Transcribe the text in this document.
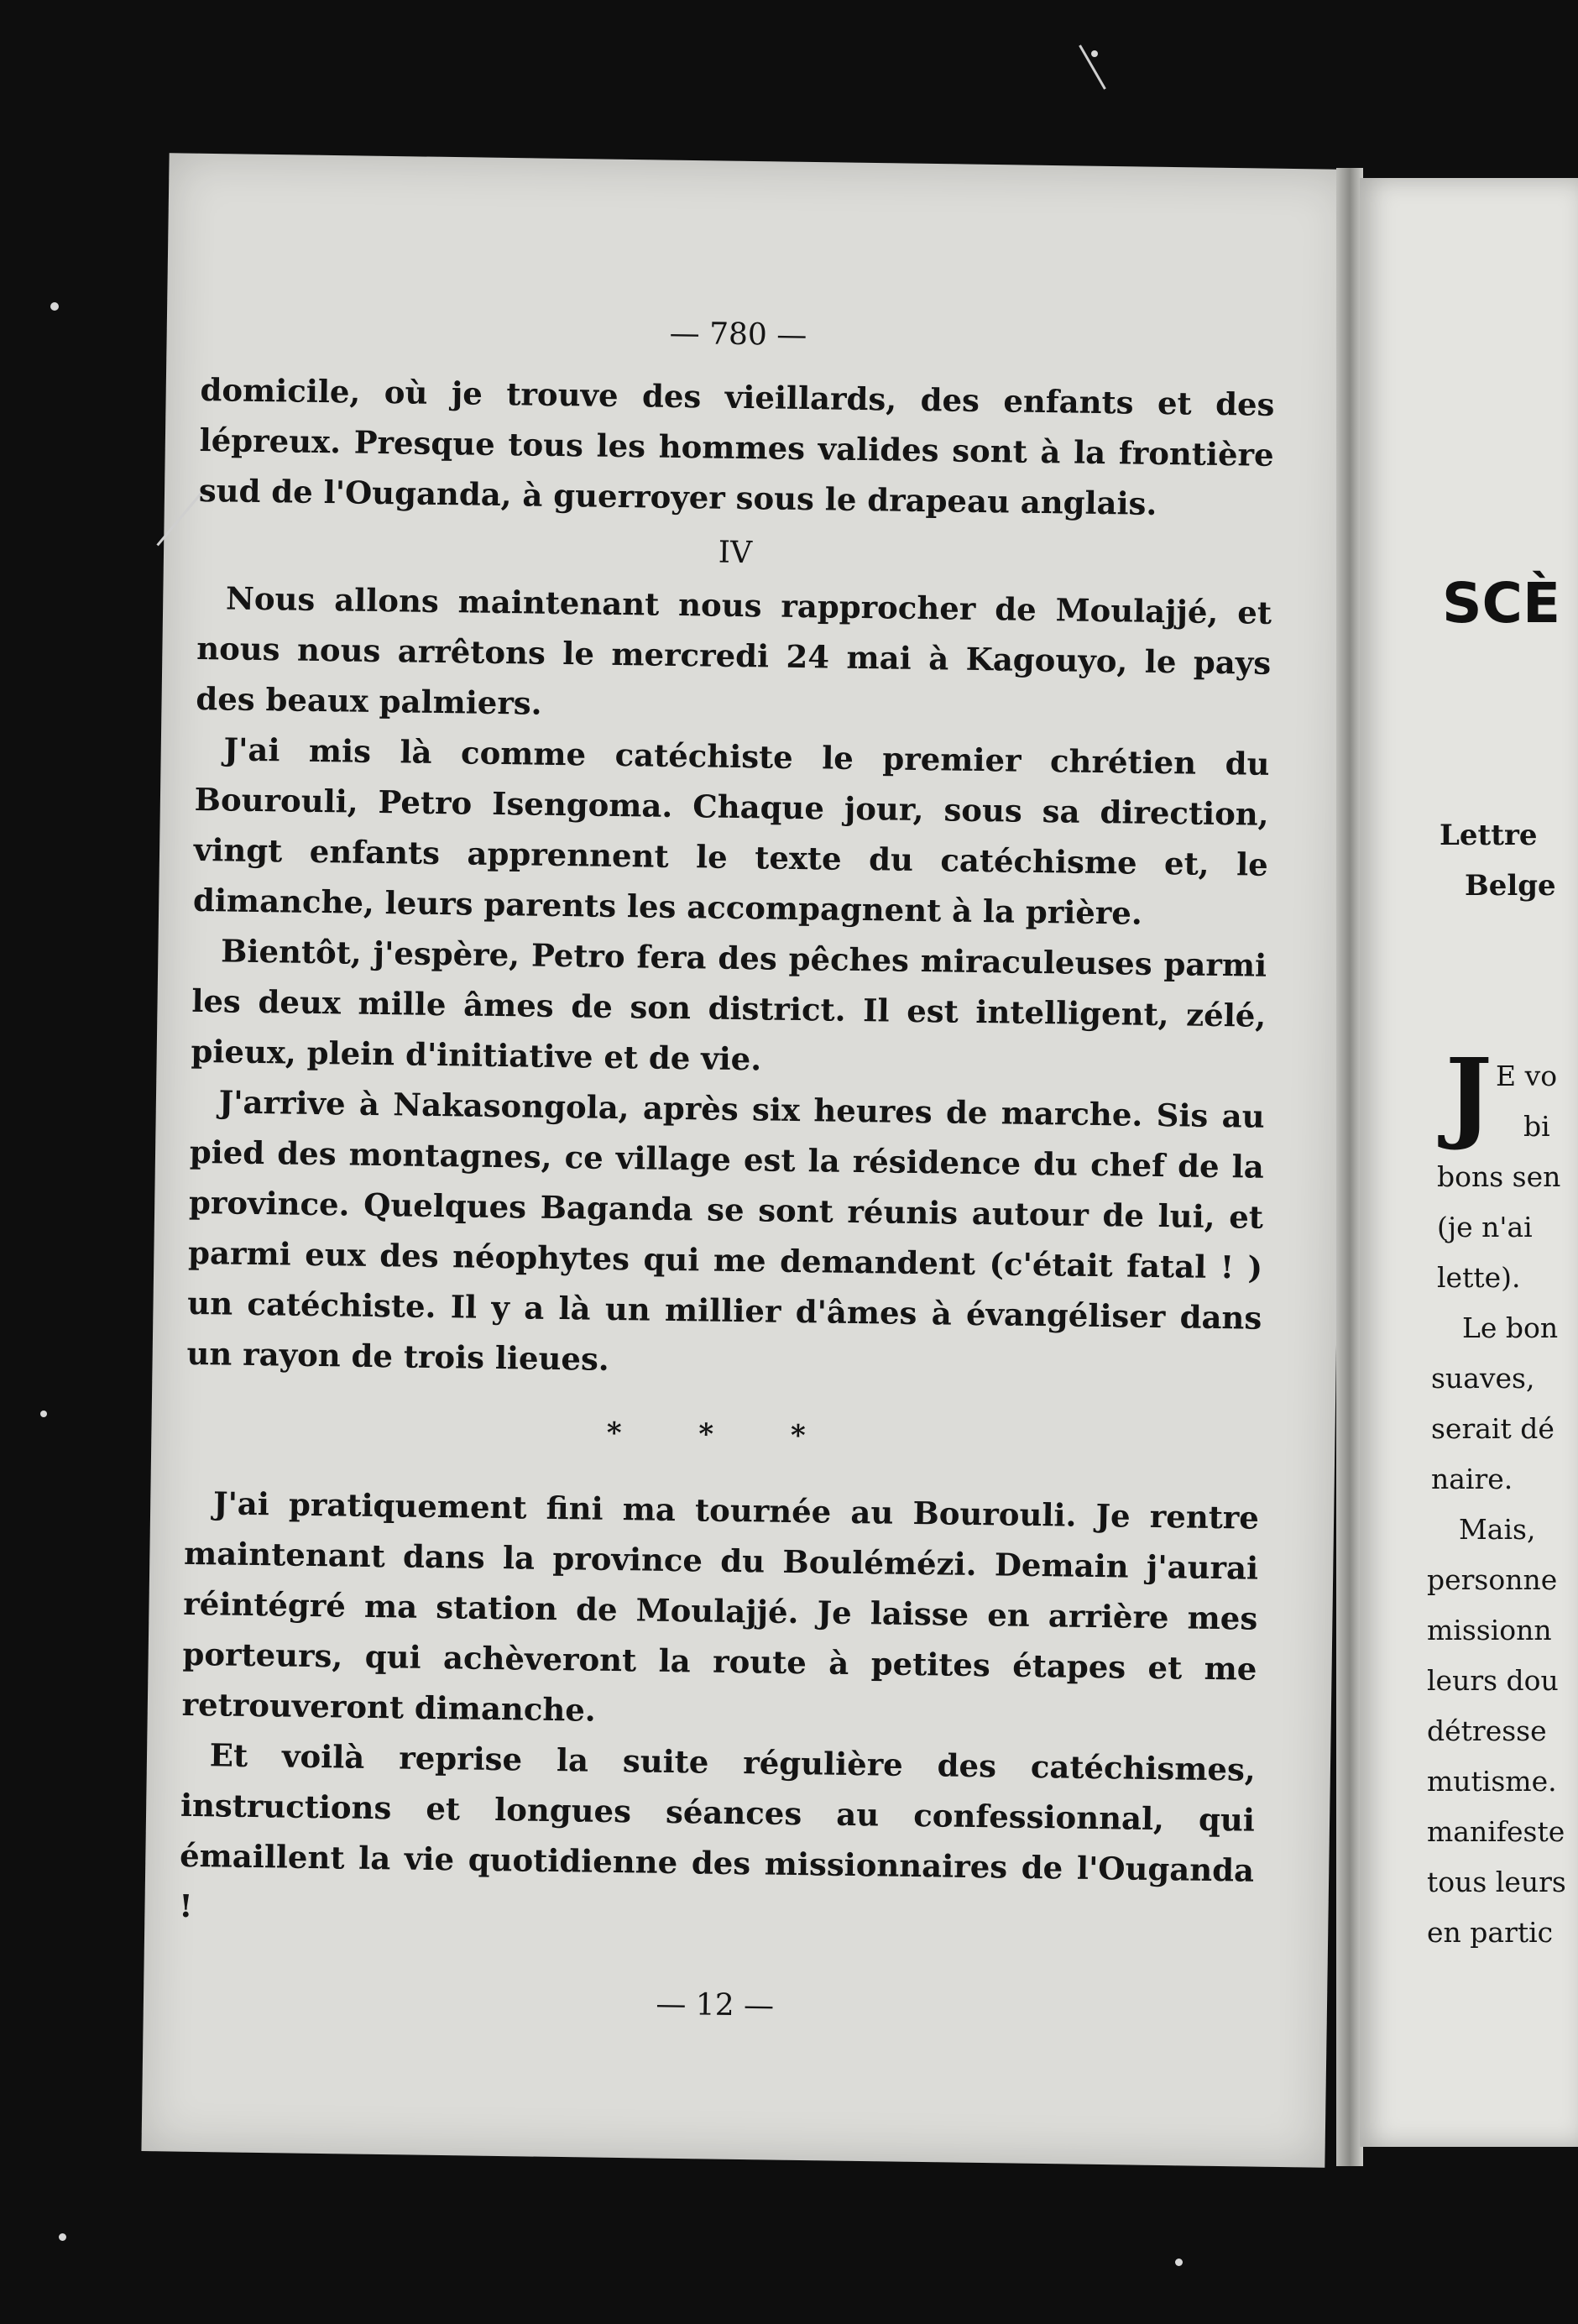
— 780 —

domicile, où je trouve des vieillards, des enfants et des lépreux. Presque tous les hommes valides sont à la frontière sud de l'Ouganda, à guerroyer sous le drapeau anglais.

IV

Nous allons maintenant nous rapprocher de Moulajjé, et nous nous arrêtons le mercredi 24 mai à Kagouyo, le pays des beaux palmiers.

J'ai mis là comme catéchiste le premier chrétien du Bourouli, Petro Isengoma. Chaque jour, sous sa direction, vingt enfants apprennent le texte du catéchisme et, le dimanche, leurs parents les accompagnent à la prière.

Bientôt, j'espère, Petro fera des pêches miraculeuses parmi les deux mille âmes de son district. Il est intelligent, zélé, pieux, plein d'initiative et de vie.

J'arrive à Nakasongola, après six heures de marche. Sis au pied des montagnes, ce village est la résidence du chef de la province. Quelques Baganda se sont réunis autour de lui, et parmi eux des néophytes qui me demandent (c'était fatal ! ) un catéchiste. Il y a là un millier d'âmes à évangéliser dans un rayon de trois lieues.

* * *

J'ai pratiquement fini ma tournée au Bourouli. Je rentre maintenant dans la province du Boulémézi. Demain j'aurai réintégré ma station de Moulajjé. Je laisse en arrière mes porteurs, qui achèveront la route à petites étapes et me retrouveront dimanche.

Et voilà reprise la suite régulière des catéchismes, instructions et longues séances au confessionnal, qui émaillent la vie quotidienne des missionnaires de l'Ouganda !

— 12 —
SCÈ
Lettre
Belge
J E vo
bi
bons sen
(je n'ai
lette).
Le bon
suaves,
serait dé
naire.
Mais,
personne
missionn
leurs dou
détresse
mutisme.
manifeste
tous leurs
en partic
